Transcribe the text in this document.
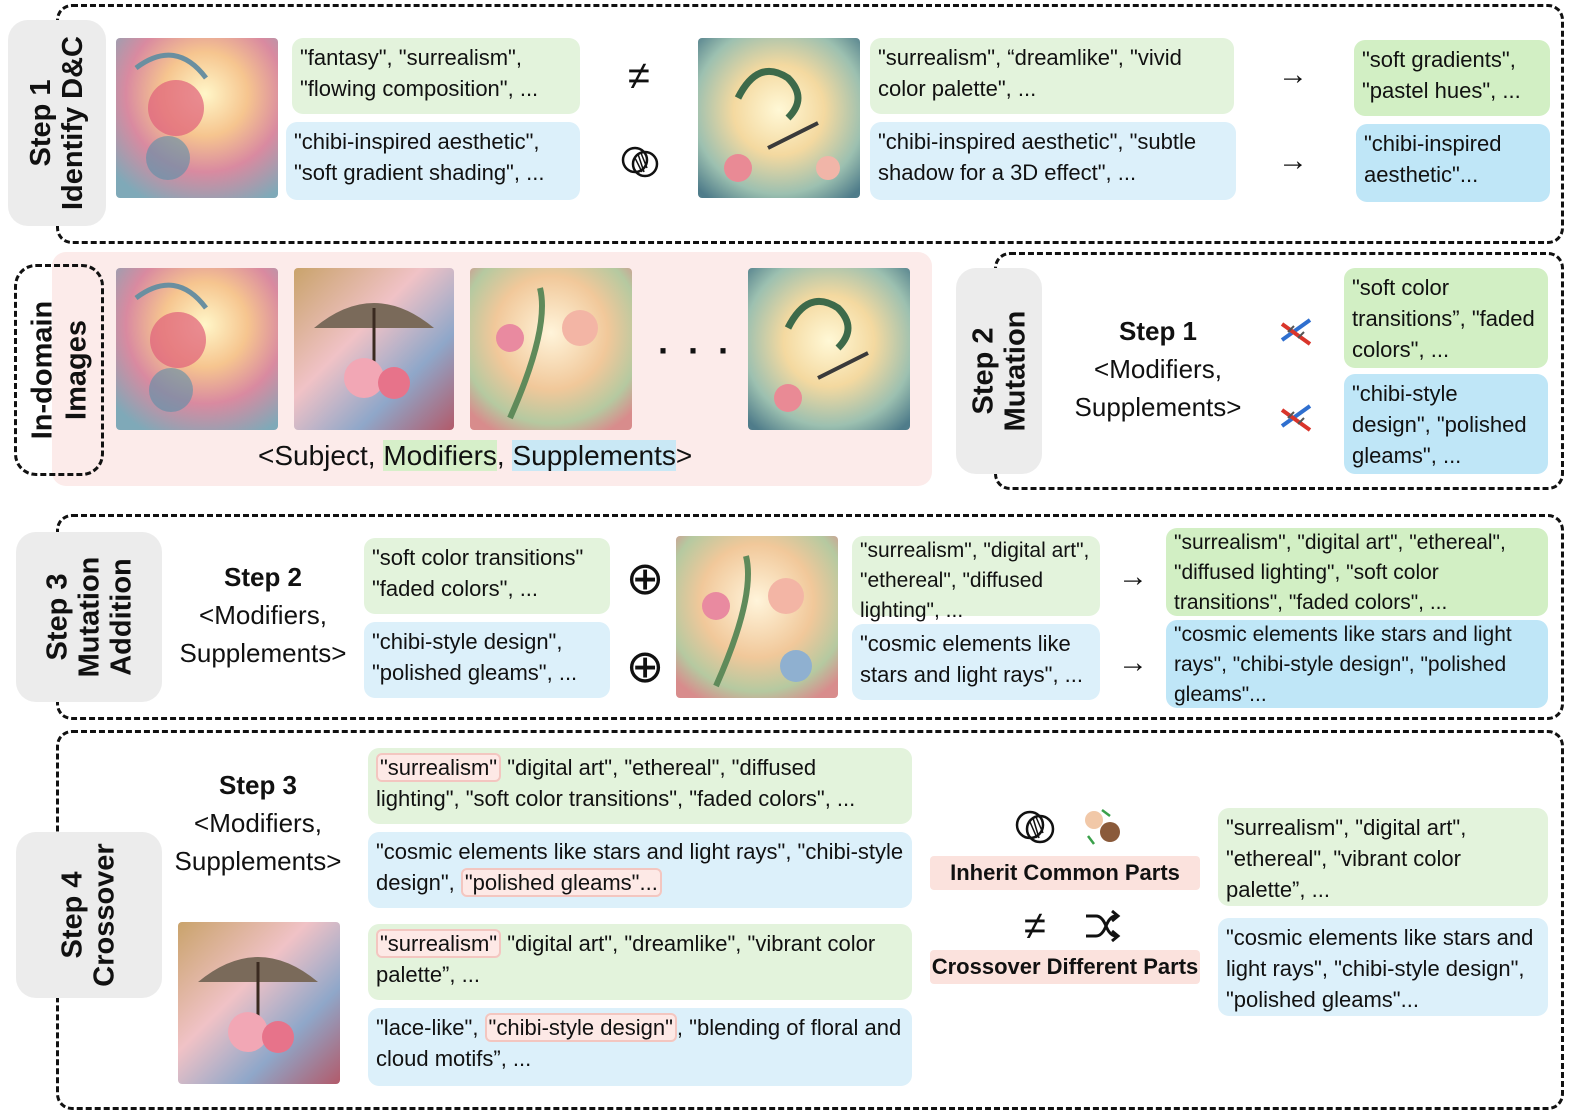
Step 1 Identify D&C	"fantasy", "surrealism", "flowing composition", ...
"chibi-inspired aesthetic", "soft gradient shading", ...
≠	"surrealism", “dreamlike", "vivid color palette", ...
"chibi-inspired aesthetic", "subtle shadow for a 3D effect", ...
→
→
"soft gradients", "pastel hues", ...
"chibi-inspired aesthetic"...
In-domain Images	· · ·
<Subject, Modifiers, Supplements>
Step 2 Mutation	Step 1
<Modifiers,
Supplements>
"soft color transitions”, "faded colors", ...
"chibi-style design", "polished gleams", ...
Step 3 Mutation Addition	Step 2
<Modifiers,
Supplements>
"soft color transitions" "faded colors", ...
"chibi-style design", "polished gleams", ...
⊕
⊕
"surrealism", "digital art", "ethereal", "diffused lighting", ...
"cosmic elements like stars and light rays", ...
→
→
"surrealism", "digital art", "ethereal", "diffused lighting", "soft color transitions", "faded colors", ...
"cosmic elements like stars and light rays", "chibi-style design", "polished gleams"...
Step 4 Crossover
Step 3
<Modifiers,
Supplements>
"surrealism" "digital art", "ethereal", "diffused lighting", "soft color transitions", "faded colors", ...
"cosmic elements like stars and light rays", "chibi-style design", "polished gleams"...
"surrealism" "digital art", "dreamlike", "vibrant color palette”, ...
"lace-like", "chibi-style design" , "blending of floral and cloud motifs”, ...
Inherit Common Parts
≠
Crossover Different Parts
"surrealism", "digital art", "ethereal", "vibrant color palette”, ...
"cosmic elements like stars and light rays", "chibi-style design", "polished gleams"...
